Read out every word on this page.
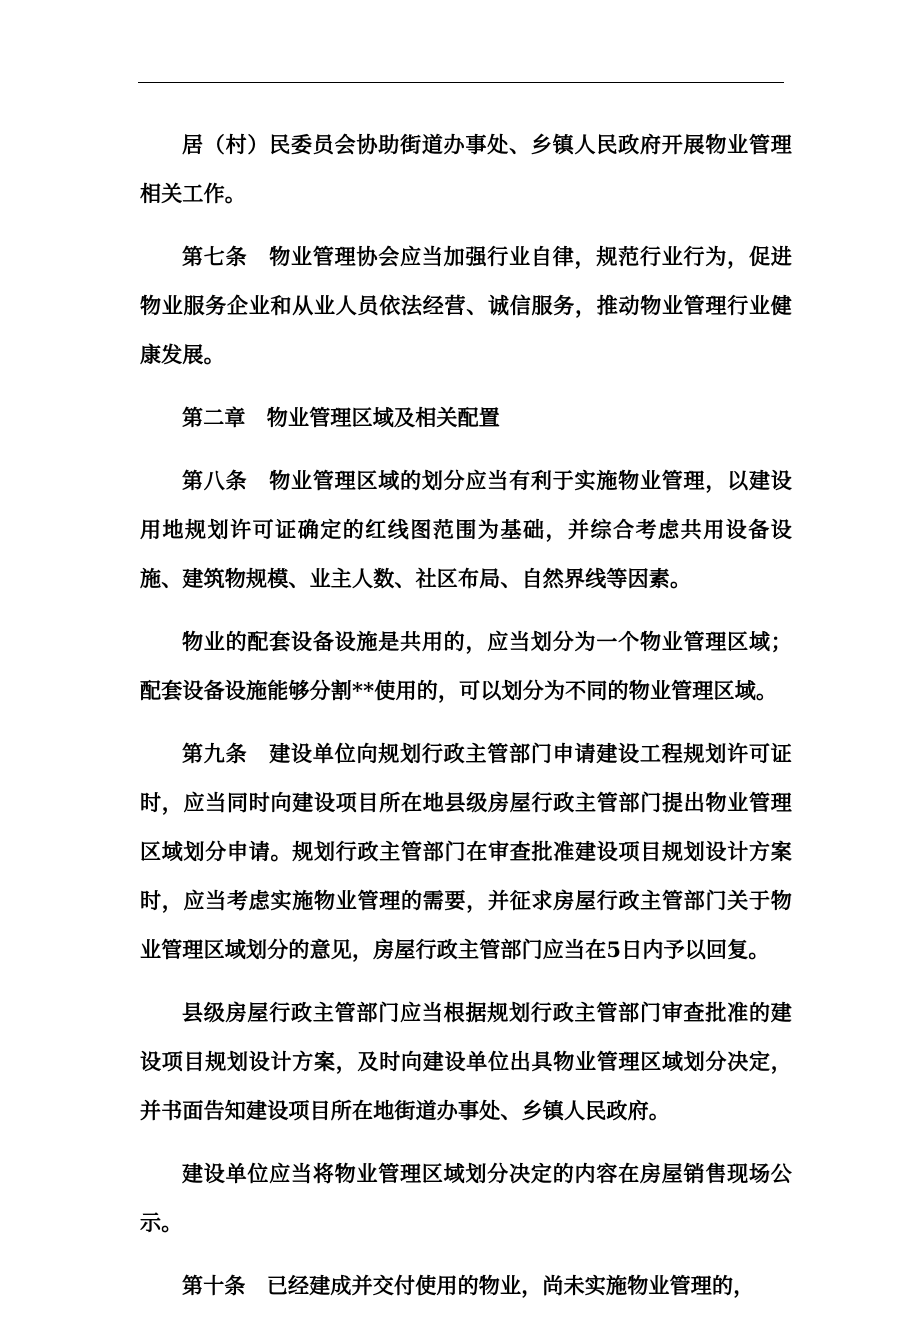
居（村）民委员会协助街道办事处、乡镇人民政府开展物业管理相关工作。

第七条　物业管理协会应当加强行业自律，规范行业行为，促进物业服务企业和从业人员依法经营、诚信服务，推动物业管理行业健康发展。

第二章　物业管理区域及相关配置

第八条　物业管理区域的划分应当有利于实施物业管理，以建设用地规划许可证确定的红线图范围为基础，并综合考虑共用设备设施、建筑物规模、业主人数、社区布局、自然界线等因素。

物业的配套设备设施是共用的，应当划分为一个物业管理区域；配套设备设施能够分割**使用的，可以划分为不同的物业管理区域。

第九条　建设单位向规划行政主管部门申请建设工程规划许可证时，应当同时向建设项目所在地县级房屋行政主管部门提出物业管理区域划分申请。规划行政主管部门在审查批准建设项目规划设计方案时，应当考虑实施物业管理的需要，并征求房屋行政主管部门关于物业管理区域划分的意见，房屋行政主管部门应当在5日内予以回复。

县级房屋行政主管部门应当根据规划行政主管部门审查批准的建设项目规划设计方案，及时向建设单位出具物业管理区域划分决定，并书面告知建设项目所在地街道办事处、乡镇人民政府。

建设单位应当将物业管理区域划分决定的内容在房屋销售现场公示。

第十条　已经建成并交付使用的物业，尚未实施物业管理的，
